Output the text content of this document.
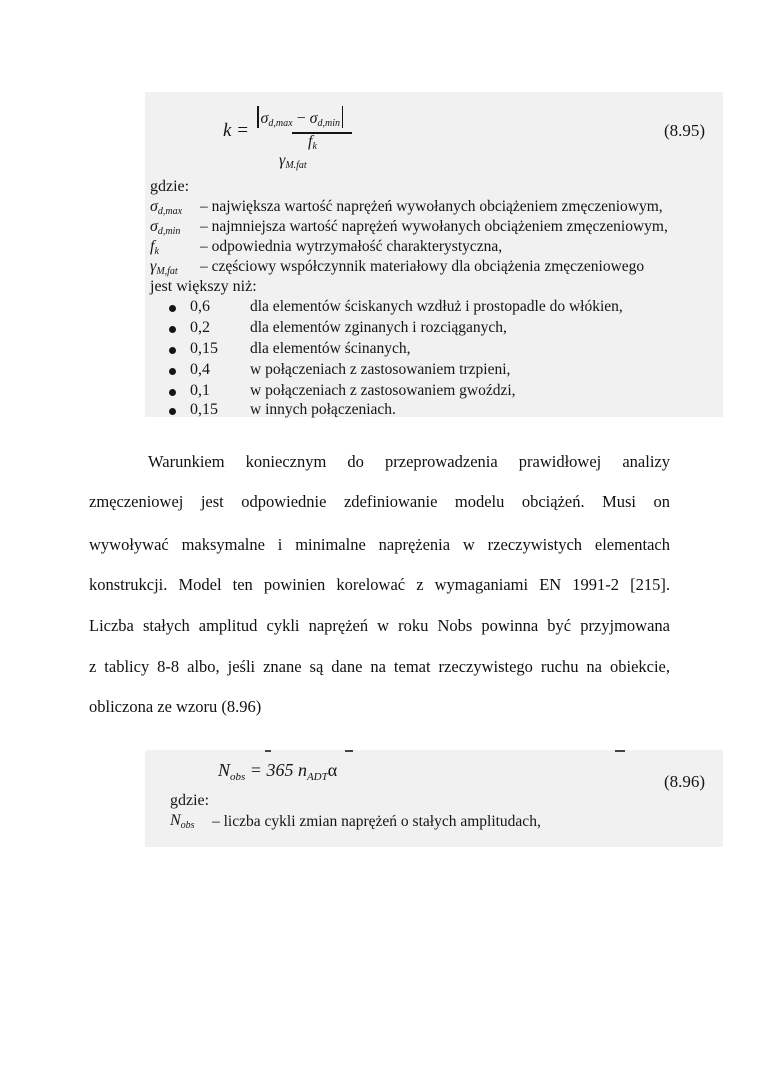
k =
$\sigma_{d,max} - \sigma_{d,min}$
$f_k$
$\gamma_{M.fat}$
(8.95)
gdzie:
$\sigma_{d,max}$ – największa wartość naprężeń wywołanych obciążeniem zmęczeniowym,
$\sigma_{d,min}$ – najmniejsza wartość naprężeń wywołanych obciążeniem zmęczeniowym,
$f_k$	– odpowiednia wytrzymałość charakterystyczna,
$\gamma_{M,fat}$ – częściowy współczynnik materiałowy dla obciążenia zmęczeniowego
jest większy niż:
0,6	dla elementów ściskanych wzdłuż i prostopadle do włókien,
0,2	dla elementów zginanych i rozciąganych,
0,15 dla elementów ścinanych,
0,4	w połączeniach z zastosowaniem trzpieni,
0,1	w połączeniach z zastosowaniem gwoździ,
0,15 w innych połączeniach.
Warunkiem koniecznym do przeprowadzenia prawidłowej analizy
zmęczeniowej jest odpowiednie zdefiniowanie modelu obciążeń. Musi on
wywoływać maksymalne i minimalne naprężenia w rzeczywistych elementach
konstrukcji. Model ten powinien korelować z wymaganiami EN 1991-2 [215].
Liczba stałych amplitud cykli naprężeń w roku Nobs powinna być przyjmowana
z tablicy 8-8 albo, jeśli znane są dane na temat rzeczywistego ruchu na obiekcie,
obliczona ze wzoru (8.96)
$N_{obs} = 365$ $n_{ADT}\alpha$
(8.96)
gdzie:
$N_{obs}$ – liczba cykli zmian naprężeń o stałych amplitudach,
